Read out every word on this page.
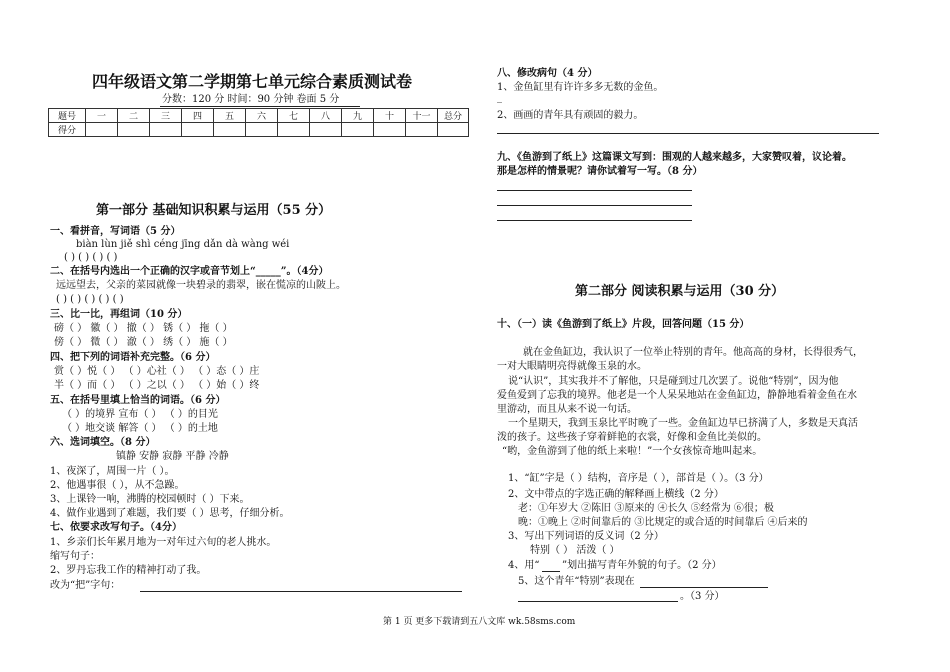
四年级语文第二学期第七单元综合素质测试卷
分数：120 分 时间：90 分钟 卷面 5 分
题号	一	二	三	四	五	六	七	八	九	十	十一	总分
得分												
第一部分 基础知识积累与运用（55 分）
一、看拼音，写词语（5 分）
biàn lùn jiě shì céng jīng dǎn dà wàng wéi
( ) ( ) ( ) ( )
二、在括号内选出一个正确的汉字或音节划上“_____”。（4分）
远远望去，父亲的菜园就像一块碧录的翡翠，嵌在慌凉的山陂上。
( ) ( ) ( ) ( ) ( )
三、比一比，再组词（10 分）
磅（ ） 徽（ ） 撤（ ） 锈（ ） 拖（ ）
傍（ ） 微（ ） 澈（ ） 绣（ ） 施（ ）
四、把下列的词语补充完整。（6 分）
赏（ ）悦（ ） （ ）心社（ ） （ ）态（ ）庄
半（ ）而（ ） （ ）之以（ ） （ ）始（ ）终
五、在括号里填上恰当的词语。（6 分）
（ ）的境界 宣布（ ） （ ）的目光
（ ）地交谈 解答（ ） （ ）的土地
六、选词填空。（8 分）
镇静 安静 寂静 平静 冷静
1、夜深了，周围一片（ ）。
2、他遇事很（ ），从不急躁。
3、上课铃一响，沸腾的校园顿时（ ）下来。
4、做作业遇到了难题，我们要（ ）思考，仔细分析。
七、依要求改写句子。（4分）
1、乡亲们长年累月地为一对年过六旬的老人挑水。
缩写句子：
2、罗丹忘我工作的精神打动了我。
改为“把”字句：
八、修改病句（4 分）
1、金鱼缸里有许许多多无数的金鱼。
_
2、画画的青年具有顽固的毅力。
九、《鱼游到了纸上》这篇课文写到：围观的人越来越多，大家赞叹着，议论着。
那是怎样的情景呢？请你试着写一写。（8 分）
第二部分 阅读积累与运用（30 分）
十、（一）读《鱼游到了纸上》片段，回答问题（15 分）
就在金鱼缸边，我认识了一位举止特别的青年。他高高的身材，长得很秀气，
一对大眼睛明亮得就像玉泉的水。
说“认识”，其实我并不了解他，只是碰到过几次罢了。说他“特别”，因为他
爱鱼爱到了忘我的境界。他老是一个人呆呆地站在金鱼缸边，静静地看着金鱼在水
里游动，而且从来不说一句话。
一个星期天，我到玉泉比平时晚了一些。金鱼缸边早已挤满了人，多数是天真活
泼的孩子。这些孩子穿着鲜艳的衣裳，好像和金鱼比美似的。
“哟，金鱼游到了他的纸上来啦！”一个女孩惊奇地叫起来。
1、“缸”字是（ ）结构，音序是（ ），部首是（ ）。（3 分）
2、文中带点的字选正确的解释画上横线（2 分）
老：①年岁大 ②陈旧 ③原来的 ④长久 ⑤经常为 ⑥很；极
晚：①晚上 ②时间靠后的 ③比规定的或合适的时间靠后 ④后来的
3、写出下列词语的反义词（2 分）
特别（ ） 活泼（ ）
4、用“ ”划出描写青年外貌的句子。（2 分）
5、这个青年“特别”表现在
。（3 分）
第 1 页 更多下载请到五八文库 wk.58sms.com
